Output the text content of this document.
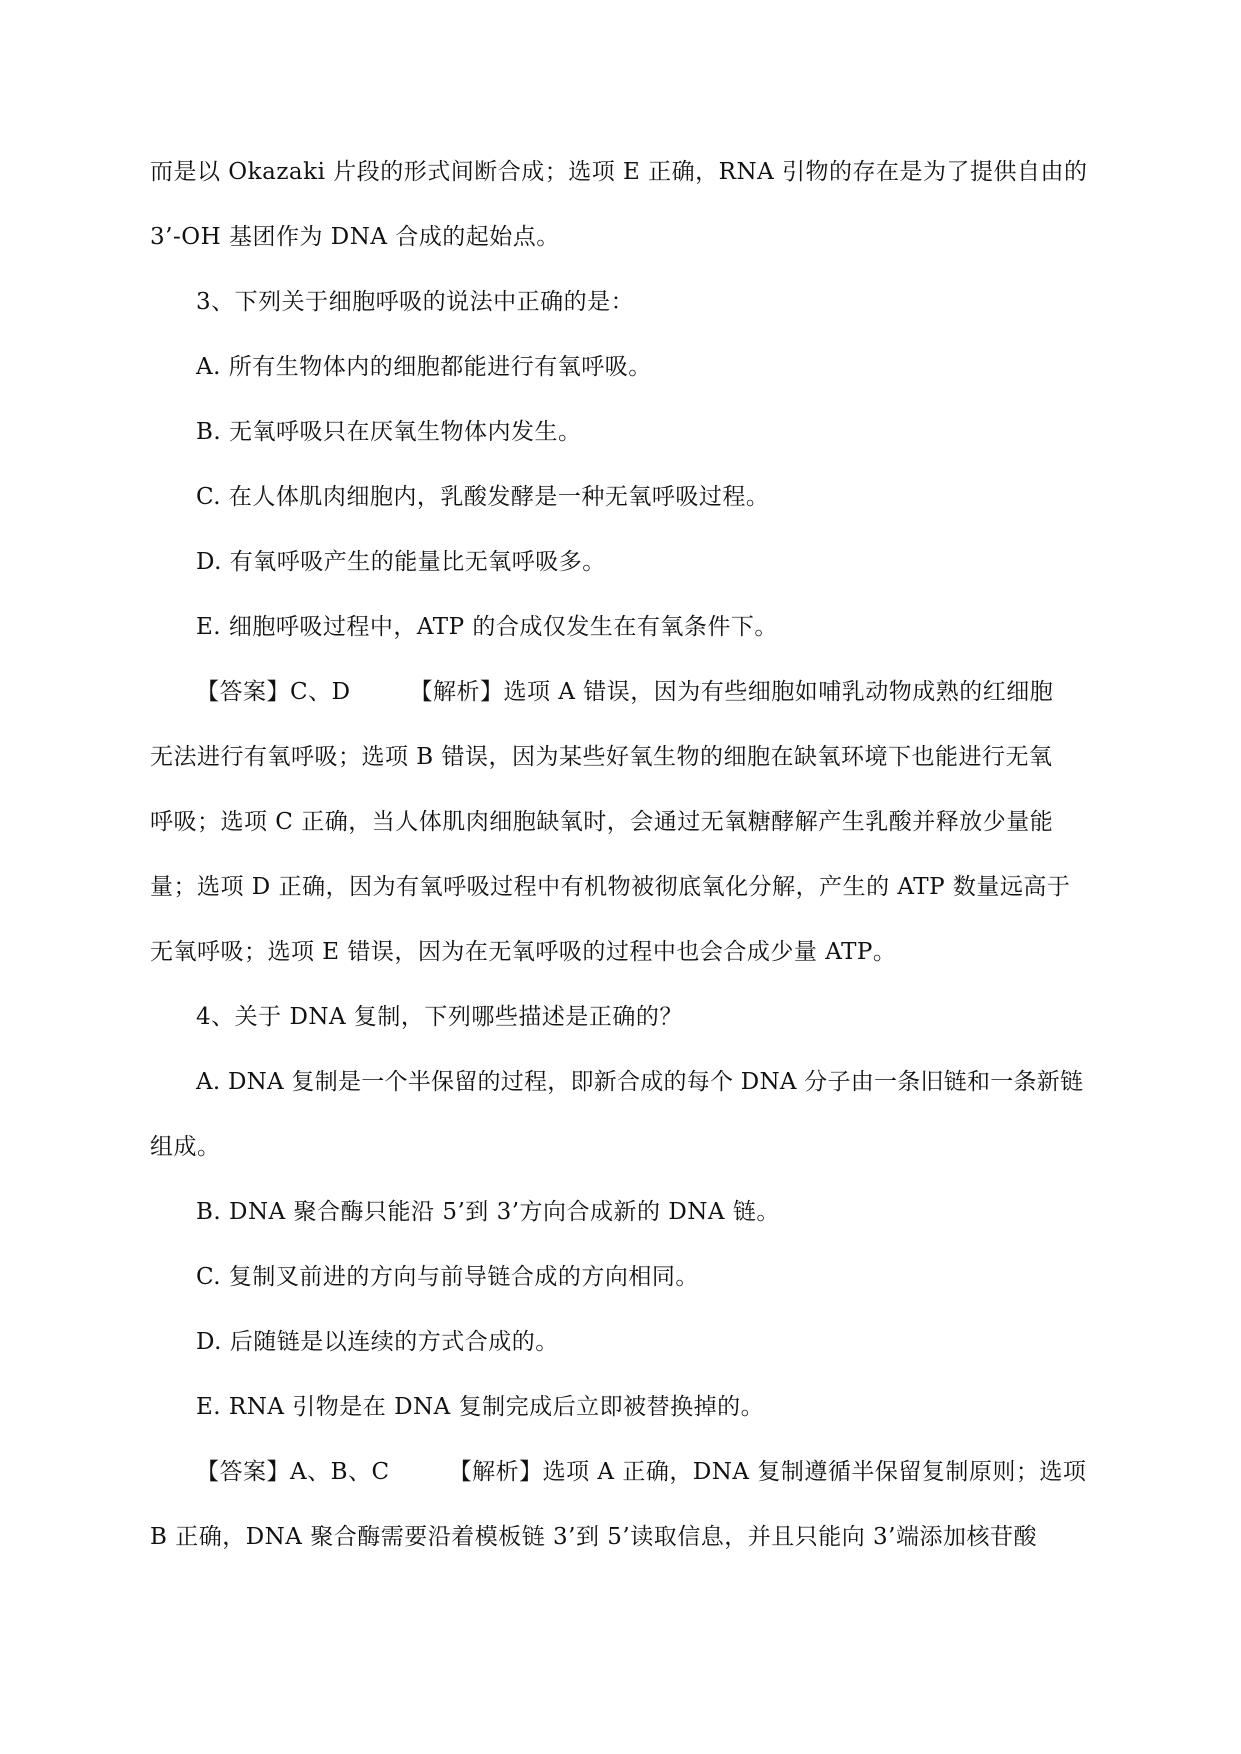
而是以 Okazaki 片段的形式间断合成；选项 E 正确，RNA 引物的存在是为了提供自由的

3’-OH 基团作为 DNA 合成的起始点。

3、下列关于细胞呼吸的说法中正确的是：

A. 所有生物体内的细胞都能进行有氧呼吸。

B. 无氧呼吸只在厌氧生物体内发生。

C. 在人体肌肉细胞内，乳酸发酵是一种无氧呼吸过程。

D. 有氧呼吸产生的能量比无氧呼吸多。

E. 细胞呼吸过程中，ATP 的合成仅发生在有氧条件下。

【答案】C、D　　　【解析】选项 A 错误，因为有些细胞如哺乳动物成熟的红细胞

无法进行有氧呼吸；选项 B 错误，因为某些好氧生物的细胞在缺氧环境下也能进行无氧

呼吸；选项 C 正确，当人体肌肉细胞缺氧时，会通过无氧糖酵解产生乳酸并释放少量能

量；选项 D 正确，因为有氧呼吸过程中有机物被彻底氧化分解，产生的 ATP 数量远高于

无氧呼吸；选项 E 错误，因为在无氧呼吸的过程中也会合成少量 ATP。

4、关于 DNA 复制，下列哪些描述是正确的？

A. DNA 复制是一个半保留的过程，即新合成的每个 DNA 分子由一条旧链和一条新链

组成。

B. DNA 聚合酶只能沿 5’到 3’方向合成新的 DNA 链。

C. 复制叉前进的方向与前导链合成的方向相同。

D. 后随链是以连续的方式合成的。

E. RNA 引物是在 DNA 复制完成后立即被替换掉的。

【答案】A、B、C　　　【解析】选项 A 正确，DNA 复制遵循半保留复制原则；选项

B 正确，DNA 聚合酶需要沿着模板链 3’到 5’读取信息，并且只能向 3’端添加核苷酸
